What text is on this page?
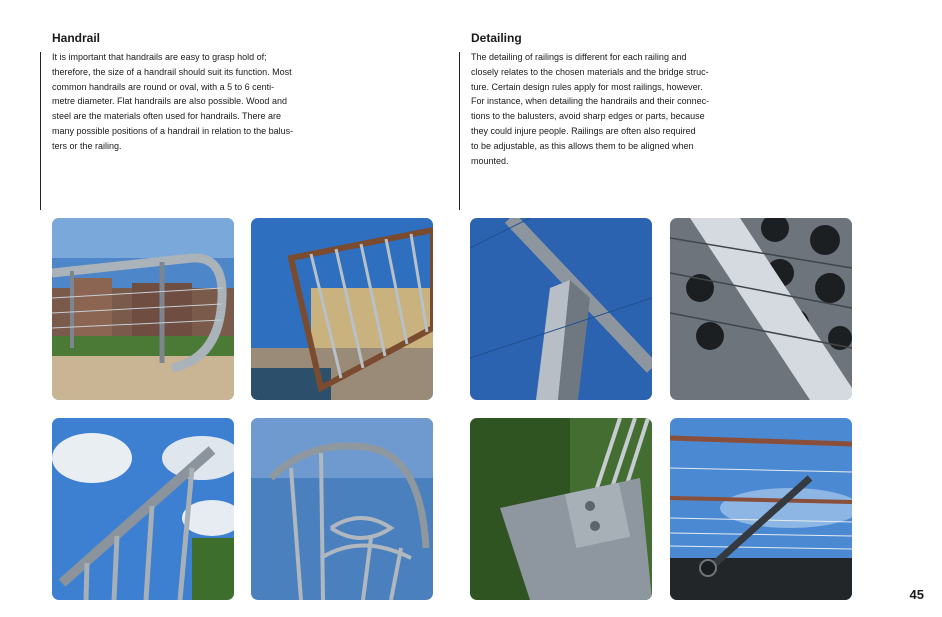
Handrail

It is important that handrails are easy to grasp hold of;
therefore, the size of a handrail should suit its function. Most
common handrails are round or oval, with a 5 to 6 centi-
metre diameter. Flat handrails are also possible. Wood and
steel are the materials often used for handrails. There are
many possible positions of a handrail in relation to the balus-
ters or the railing.

Detailing

The detailing of railings is different for each railing and
closely relates to the chosen materials and the bridge struc-
ture. Certain design rules apply for most railings, however.
For instance, when detailing the handrails and their connec-
tions to the balusters, avoid sharp edges or parts, because
they could injure people. Railings are often also required
to be adjustable, as this allows them to be aligned when
mounted.

45
